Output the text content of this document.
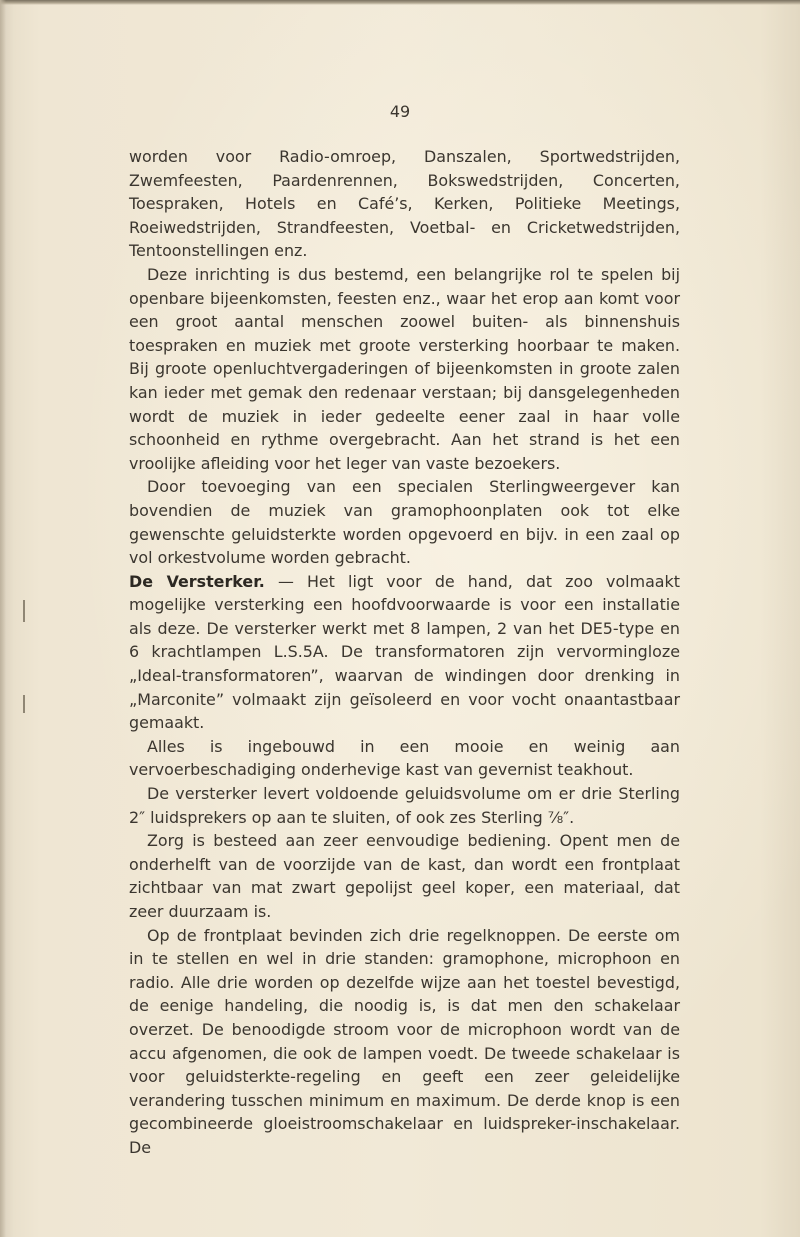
49

worden voor Radio-omroep, Danszalen, Sportwedstrijden, Zwemfeesten, Paardenrennen, Bokswedstrijden, Concerten, Toespraken, Hotels en Café’s, Kerken, Politieke Meetings, Roeiwedstrijden, Strandfeesten, Voetbal- en Cricketwedstrijden, Tentoonstellingen enz.

Deze inrichting is dus bestemd, een belangrijke rol te spelen bij openbare bijeenkomsten, feesten enz., waar het erop aan komt voor een groot aantal menschen zoowel buiten- als binnenshuis toespraken en muziek met groote versterking hoorbaar te maken. Bij groote openluchtvergaderingen of bijeenkomsten in groote zalen kan ieder met gemak den redenaar verstaan; bij dansgelegenheden wordt de muziek in ieder gedeelte eener zaal in haar volle schoonheid en rythme overgebracht. Aan het strand is het een vroolijke afleiding voor het leger van vaste bezoekers.

Door toevoeging van een specialen Sterlingweergever kan bovendien de muziek van gramophoonplaten ook tot elke gewenschte geluidsterkte worden opgevoerd en bijv. in een zaal op vol orkestvolume worden gebracht.

De Versterker. — Het ligt voor de hand, dat zoo volmaakt mogelijke versterking een hoofdvoorwaarde is voor een installatie als deze. De versterker werkt met 8 lampen, 2 van het DE5-type en 6 krachtlampen L.S.5A. De transformatoren zijn vervormingloze „Ideal-transformatoren”, waarvan de windingen door drenking in „Marconite” volmaakt zijn geïsoleerd en voor vocht onaantastbaar gemaakt.

Alles is ingebouwd in een mooie en weinig aan vervoerbeschadiging onderhevige kast van gevernist teakhout.

De versterker levert voldoende geluidsvolume om er drie Sterling 2″ luidsprekers op aan te sluiten, of ook zes Sterling ⅞″.

Zorg is besteed aan zeer eenvoudige bediening. Opent men de onderhelft van de voorzijde van de kast, dan wordt een frontplaat zichtbaar van mat zwart gepolijst geel koper, een materiaal, dat zeer duurzaam is.

Op de frontplaat bevinden zich drie regelknoppen. De eerste om in te stellen en wel in drie standen: gramophone, microphoon en radio. Alle drie worden op dezelfde wijze aan het toestel bevestigd, de eenige handeling, die noodig is, is dat men den schakelaar overzet. De benoodigde stroom voor de microphoon wordt van de accu afgenomen, die ook de lampen voedt. De tweede schakelaar is voor geluidsterkte-regeling en geeft een zeer geleidelijke verandering tusschen minimum en maximum. De derde knop is een gecombineerde gloeistroomschakelaar en luidspreker-inschakelaar. De
